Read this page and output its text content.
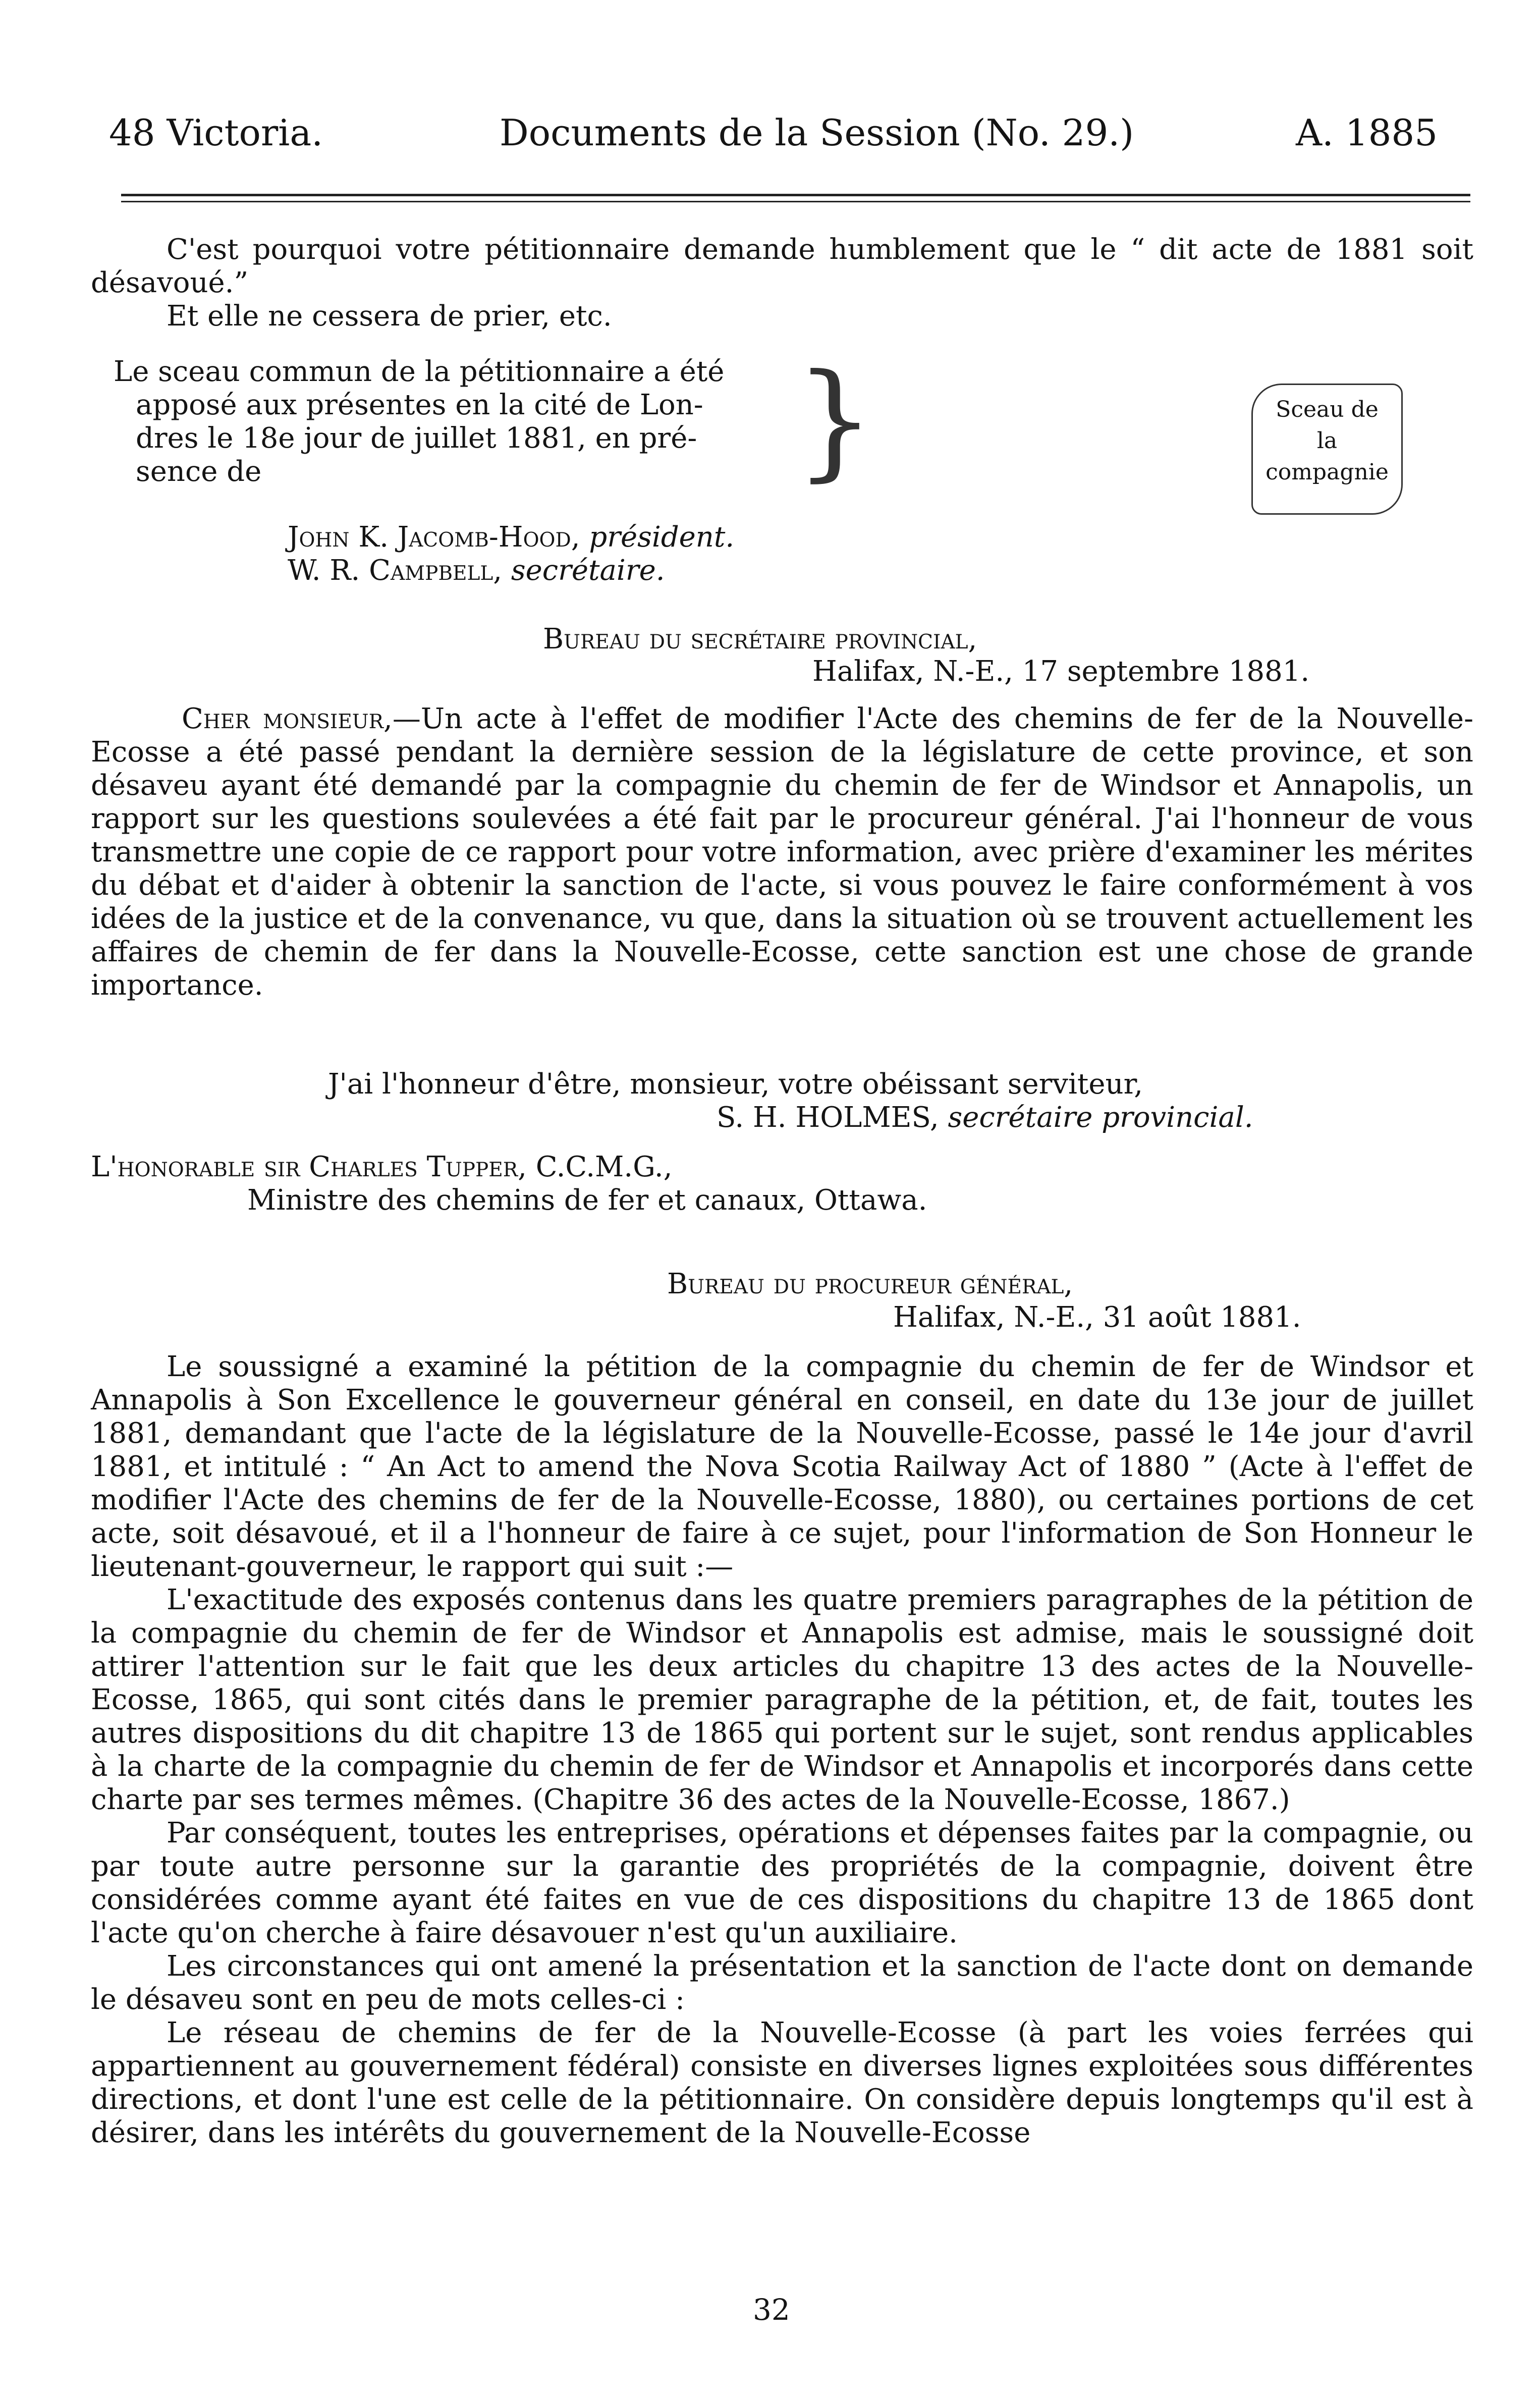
48 Victoria.	Documents de la Session (No. 29.)	A. 1885

C'est pourquoi votre pétitionnaire demande humblement que le “ dit acte de 1881 soit désavoué.”

Et elle ne cessera de prier, etc.

Le sceau commun de la pétitionnaire a été
apposé aux présentes en la cité de Lon-
dres le 18e jour de juillet 1881, en pré-
sence de	}	Sceau de
la
compagnie
John K. Jacomb-Hood, président.
W. R. Campbell, secrétaire.
Bureau du secrétaire provincial,
Halifax, N.-E., 17 septembre 1881.

Cher monsieur,—Un acte à l'effet de modifier l'Acte des chemins de fer de la Nouvelle-Ecosse a été passé pendant la dernière session de la législature de cette province, et son désaveu ayant été demandé par la compagnie du chemin de fer de Windsor et Annapolis, un rapport sur les questions soulevées a été fait par le procureur général. J'ai l'honneur de vous transmettre une copie de ce rapport pour votre information, avec prière d'examiner les mérites du débat et d'aider à obtenir la sanction de l'acte, si vous pouvez le faire conformément à vos idées de la justice et de la convenance, vu que, dans la situation où se trouvent actuellement les affaires de chemin de fer dans la Nouvelle-Ecosse, cette sanction est une chose de grande importance.

J'ai l'honneur d'être, monsieur, votre obéissant serviteur,
S. H. HOLMES, secrétaire provincial.
L'honorable sir Charles Tupper, C.C.M.G.,
Ministre des chemins de fer et canaux, Ottawa.
Bureau du procureur général,
Halifax, N.-E., 31 août 1881.

Le soussigné a examiné la pétition de la compagnie du chemin de fer de Windsor et Annapolis à Son Excellence le gouverneur général en conseil, en date du 13e jour de juillet 1881, demandant que l'acte de la législature de la Nouvelle-Ecosse, passé le 14e jour d'avril 1881, et intitulé : “ An Act to amend the Nova Scotia Railway Act of 1880 ” (Acte à l'effet de modifier l'Acte des chemins de fer de la Nouvelle-Ecosse, 1880), ou certaines portions de cet acte, soit désavoué, et il a l'honneur de faire à ce sujet, pour l'information de Son Honneur le lieutenant-gouverneur, le rapport qui suit :—

L'exactitude des exposés contenus dans les quatre premiers paragraphes de la pétition de la compagnie du chemin de fer de Windsor et Annapolis est admise, mais le soussigné doit attirer l'attention sur le fait que les deux articles du chapitre 13 des actes de la Nouvelle-Ecosse, 1865, qui sont cités dans le premier paragraphe de la pétition, et, de fait, toutes les autres dispositions du dit chapitre 13 de 1865 qui portent sur le sujet, sont rendus applicables à la charte de la compagnie du chemin de fer de Windsor et Annapolis et incorporés dans cette charte par ses termes mêmes. (Chapitre 36 des actes de la Nouvelle-Ecosse, 1867.)

Par conséquent, toutes les entreprises, opérations et dépenses faites par la compagnie, ou par toute autre personne sur la garantie des propriétés de la compagnie, doivent être considérées comme ayant été faites en vue de ces dispositions du chapitre 13 de 1865 dont l'acte qu'on cherche à faire désavouer n'est qu'un auxiliaire.

Les circonstances qui ont amené la présentation et la sanction de l'acte dont on demande le désaveu sont en peu de mots celles-ci :

Le réseau de chemins de fer de la Nouvelle-Ecosse (à part les voies ferrées qui appartiennent au gouvernement fédéral) consiste en diverses lignes exploitées sous différentes directions, et dont l'une est celle de la pétitionnaire. On considère depuis longtemps qu'il est à désirer, dans les intérêts du gouvernement de la Nouvelle-Ecosse

32
